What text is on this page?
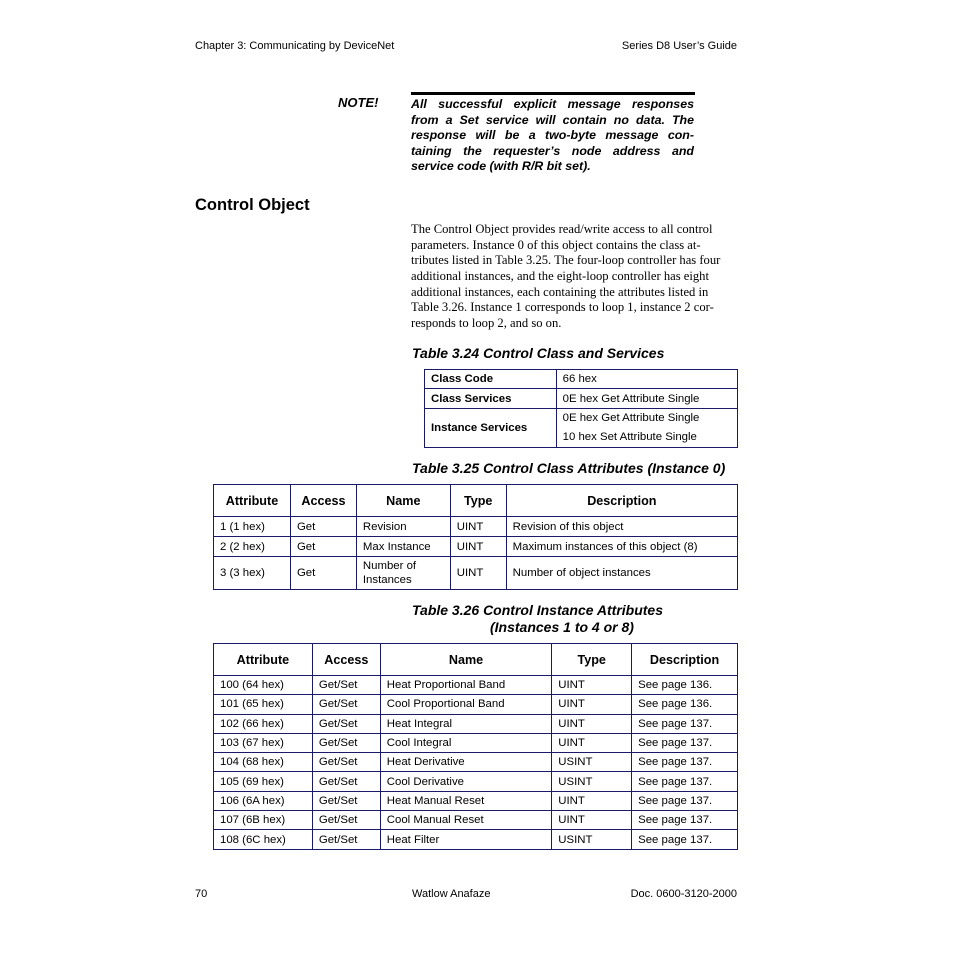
Chapter 3: Communicating by DeviceNet	Series D8 User’s Guide
NOTE!	All successful explicit message responses
from a Set service will contain no data. The
response will be a two-byte message con-
taining the requester’s node address and
service code (with R/R bit set).
Control Object
The Control Object provides read/write access to all control
parameters. Instance 0 of this object contains the class at-
tributes listed in Table 3.25. The four-loop controller has four
additional instances, and the eight-loop controller has eight
additional instances, each containing the attributes listed in
Table 3.26. Instance 1 corresponds to loop 1, instance 2 cor-
responds to loop 2, and so on.
Table 3.24 Control Class and Services
Class Code	66 hex
Class Services	0E hex Get Attribute Single
Instance Services	0E hex Get Attribute Single
10 hex Set Attribute Single
Table 3.25 Control Class Attributes (Instance 0)
Attribute	Access	Name	Type	Description
1 (1 hex)	Get	Revision	UINT	Revision of this object
2 (2 hex)	Get	Max Instance	UINT	Maximum instances of this object (8)
3 (3 hex)	Get	Number of Instances	UINT	Number of object instances
Table 3.26 Control Instance Attributes
(Instances 1 to 4 or 8)
Attribute	Access	Name	Type	Description
100 (64 hex)	Get/Set	Heat Proportional Band	UINT	See page 136.
101 (65 hex)	Get/Set	Cool Proportional Band	UINT	See page 136.
102 (66 hex)	Get/Set	Heat Integral	UINT	See page 137.
103 (67 hex)	Get/Set	Cool Integral	UINT	See page 137.
104 (68 hex)	Get/Set	Heat Derivative	USINT	See page 137.
105 (69 hex)	Get/Set	Cool Derivative	USINT	See page 137.
106 (6A hex)	Get/Set	Heat Manual Reset	UINT	See page 137.
107 (6B hex)	Get/Set	Cool Manual Reset	UINT	See page 137.
108 (6C hex)	Get/Set	Heat Filter	USINT	See page 137.
70	Watlow Anafaze	Doc. 0600-3120-2000
